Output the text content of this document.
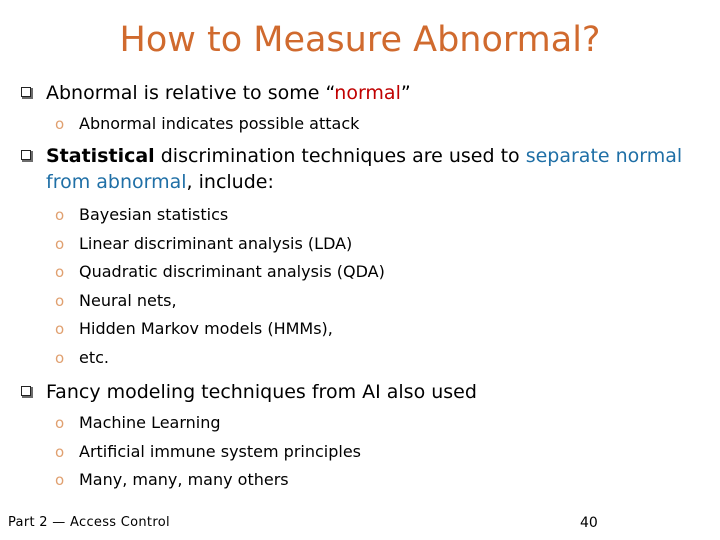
How to Measure Abnormal?
Abnormal is relative to some “normal”
o Abnormal indicates possible attack
Statistical discrimination techniques are used to separate normal from abnormal, include:
o Bayesian statistics
o Linear discriminant analysis (LDA)
o Quadratic discriminant analysis (QDA)
o Neural nets,
o Hidden Markov models (HMMs),
o etc.
Fancy modeling techniques from AI also used
o Machine Learning
o Artificial immune system principles
o Many, many, many others
Part 2 — Access Control	40
